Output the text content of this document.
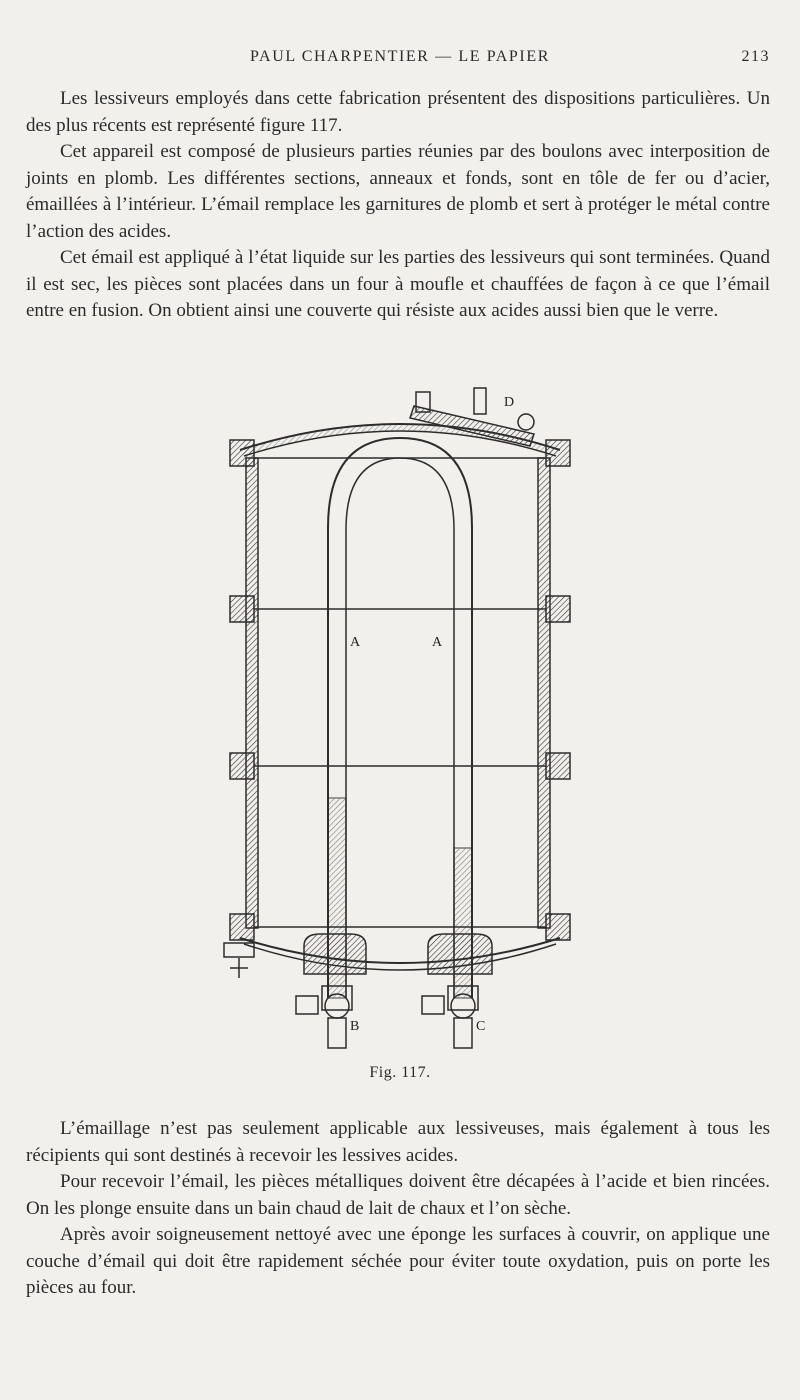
PAUL CHARPENTIER — LE PAPIER	213

Les lessiveurs employés dans cette fabrication présentent des dispositions particulières. Un des plus récents est représenté figure 117.

Cet appareil est composé de plusieurs parties réunies par des boulons avec interposition de joints en plomb. Les différentes sections, anneaux et fonds, sont en tôle de fer ou d’acier, émaillées à l’intérieur. L’émail remplace les garnitures de plomb et sert à protéger le métal contre l’action des acides.

Cet émail est appliqué à l’état liquide sur les parties des lessiveurs qui sont terminées. Quand il est sec, les pièces sont placées dans un four à moufle et chauffées de façon à ce que l’émail entre en fusion. On obtient ainsi une couverte qui résiste aux acides aussi bien que le verre.

D
A	A
B	C
Fig. 117.

L’émaillage n’est pas seulement applicable aux lessiveuses, mais également à tous les récipients qui sont destinés à recevoir les lessives acides.

Pour recevoir l’émail, les pièces métalliques doivent être décapées à l’acide et bien rincées. On les plonge ensuite dans un bain chaud de lait de chaux et l’on sèche.

Après avoir soigneusement nettoyé avec une éponge les surfaces à couvrir, on applique une couche d’émail qui doit être rapidement séchée pour éviter toute oxydation, puis on porte les pièces au four.
